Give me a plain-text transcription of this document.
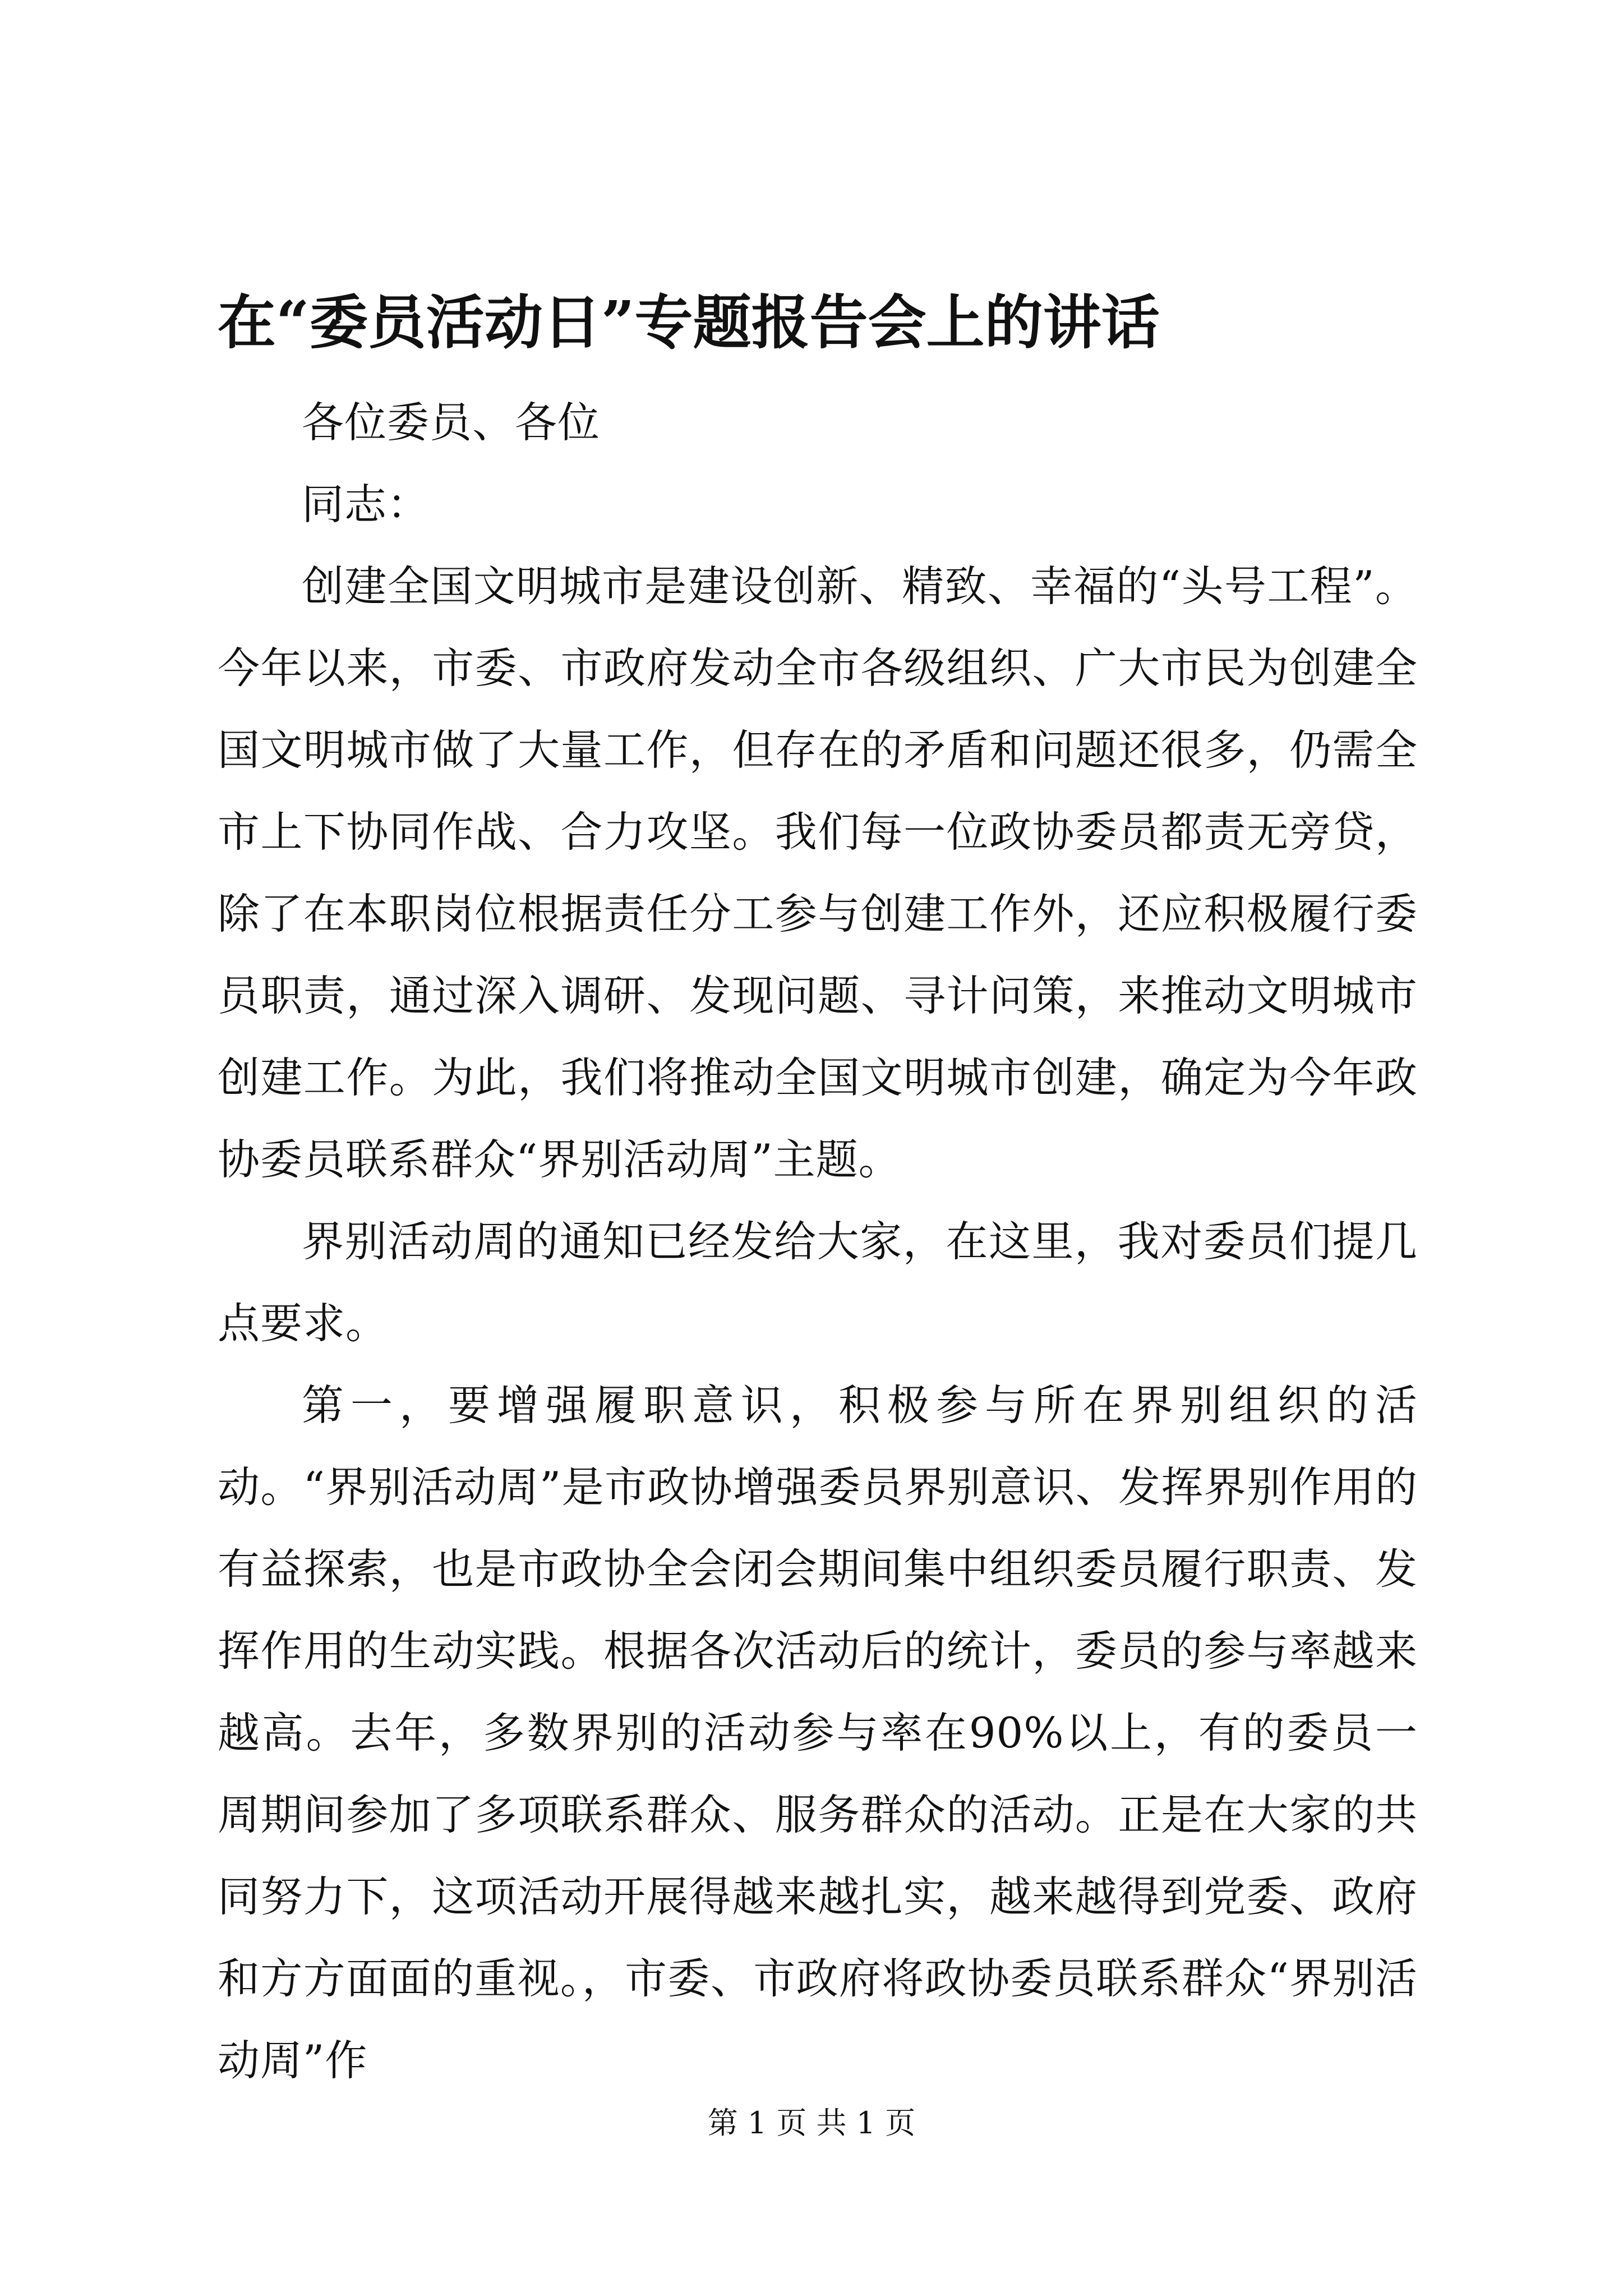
在“委员活动日”专题报告会上的讲话

各位委员、各位

同志：

创建全国文明城市是建设创新、精致、幸福的“头号工程”。今年以来，市委、市政府发动全市各级组织、广大市民为创建全国文明城市做了大量工作，但存在的矛盾和问题还很多，仍需全市上下协同作战、合力攻坚。我们每一位政协委员都责无旁贷，除了在本职岗位根据责任分工参与创建工作外，还应积极履行委员职责，通过深入调研、发现问题、寻计问策，来推动文明城市创建工作。为此，我们将推动全国文明城市创建，确定为今年政协委员联系群众“界别活动周”主题。

界别活动周的通知已经发给大家，在这里，我对委员们提几点要求。

第一，要增强履职意识，积极参与所在界别组织的活动。“界别活动周”是市政协增强委员界别意识、发挥界别作用的有益探索，也是市政协全会闭会期间集中组织委员履行职责、发挥作用的生动实践。根据各次活动后的统计，委员的参与率越来越高。去年，多数界别的活动参与率在90%以上，有的委员一周期间参加了多项联系群众、服务群众的活动。正是在大家的共同努力下，这项活动开展得越来越扎实，越来越得到党委、政府和方方面面的重视。，市委、市政府将政协委员联系群众“界别活动周”作

第 1 页 共 1 页
